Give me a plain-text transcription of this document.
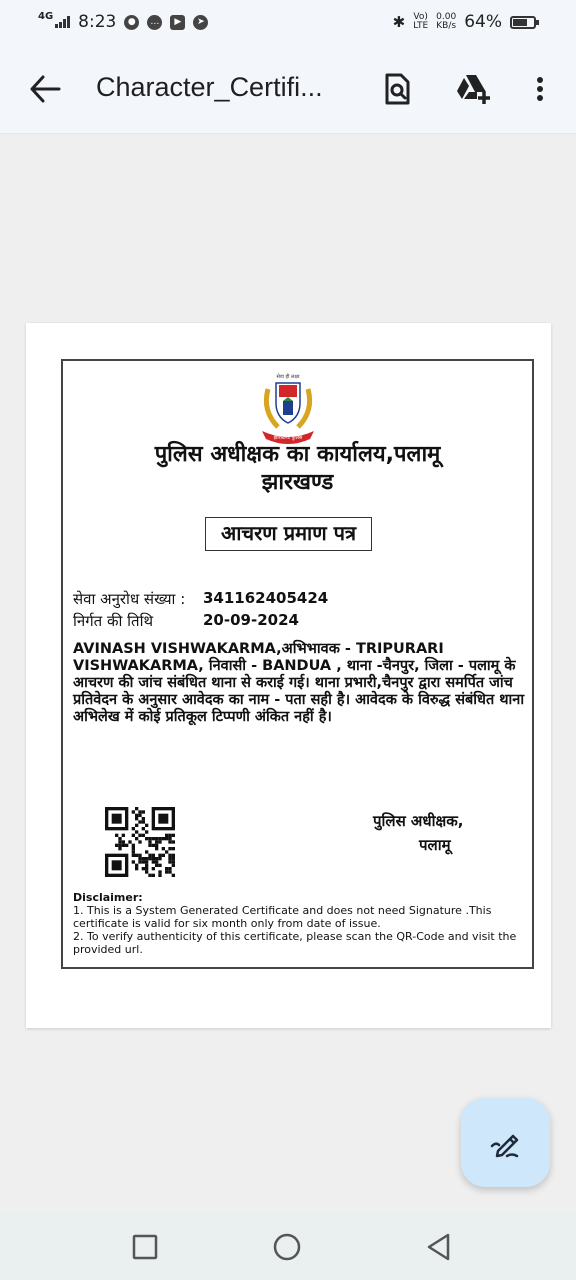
4G 8:23	●	…	▶	➤	✱ Vo)
LTE
0.00
KB/s 64%
Character_Certifi...
सेवा ही लक्ष्य
झारखण्ड पुलिस
पुलिस अधीक्षक का कार्यालय,पलामू
झारखण्ड
आचरण प्रमाण पत्र
सेवा अनुरोध संख्या : 341162405424
निर्गत की तिथि	20-09-2024
AVINASH VISHWAKARMA,अभिभावक - TRIPURARI VISHWAKARMA, निवासी - BANDUA , थाना -चैनपुर, जिला - पलामू के आचरण की जांच संबंधित थाना से कराई गई। थाना प्रभारी,चैनपुर द्वारा समर्पित जांच प्रतिवेदन के अनुसार आवेदक का नाम - पता सही है। आवेदक के विरुद्ध संबंधित थाना अभिलेख में कोई प्रतिकूल टिप्पणी अंकित नहीं है।
पुलिस अधीक्षक,
पलामू
Disclaimer:
1. This is a System Generated Certificate and does not need Signature .This certificate is valid for six month only from date of issue.
2. To verify authenticity of this certificate, please scan the QR-Code and visit the provided url.
